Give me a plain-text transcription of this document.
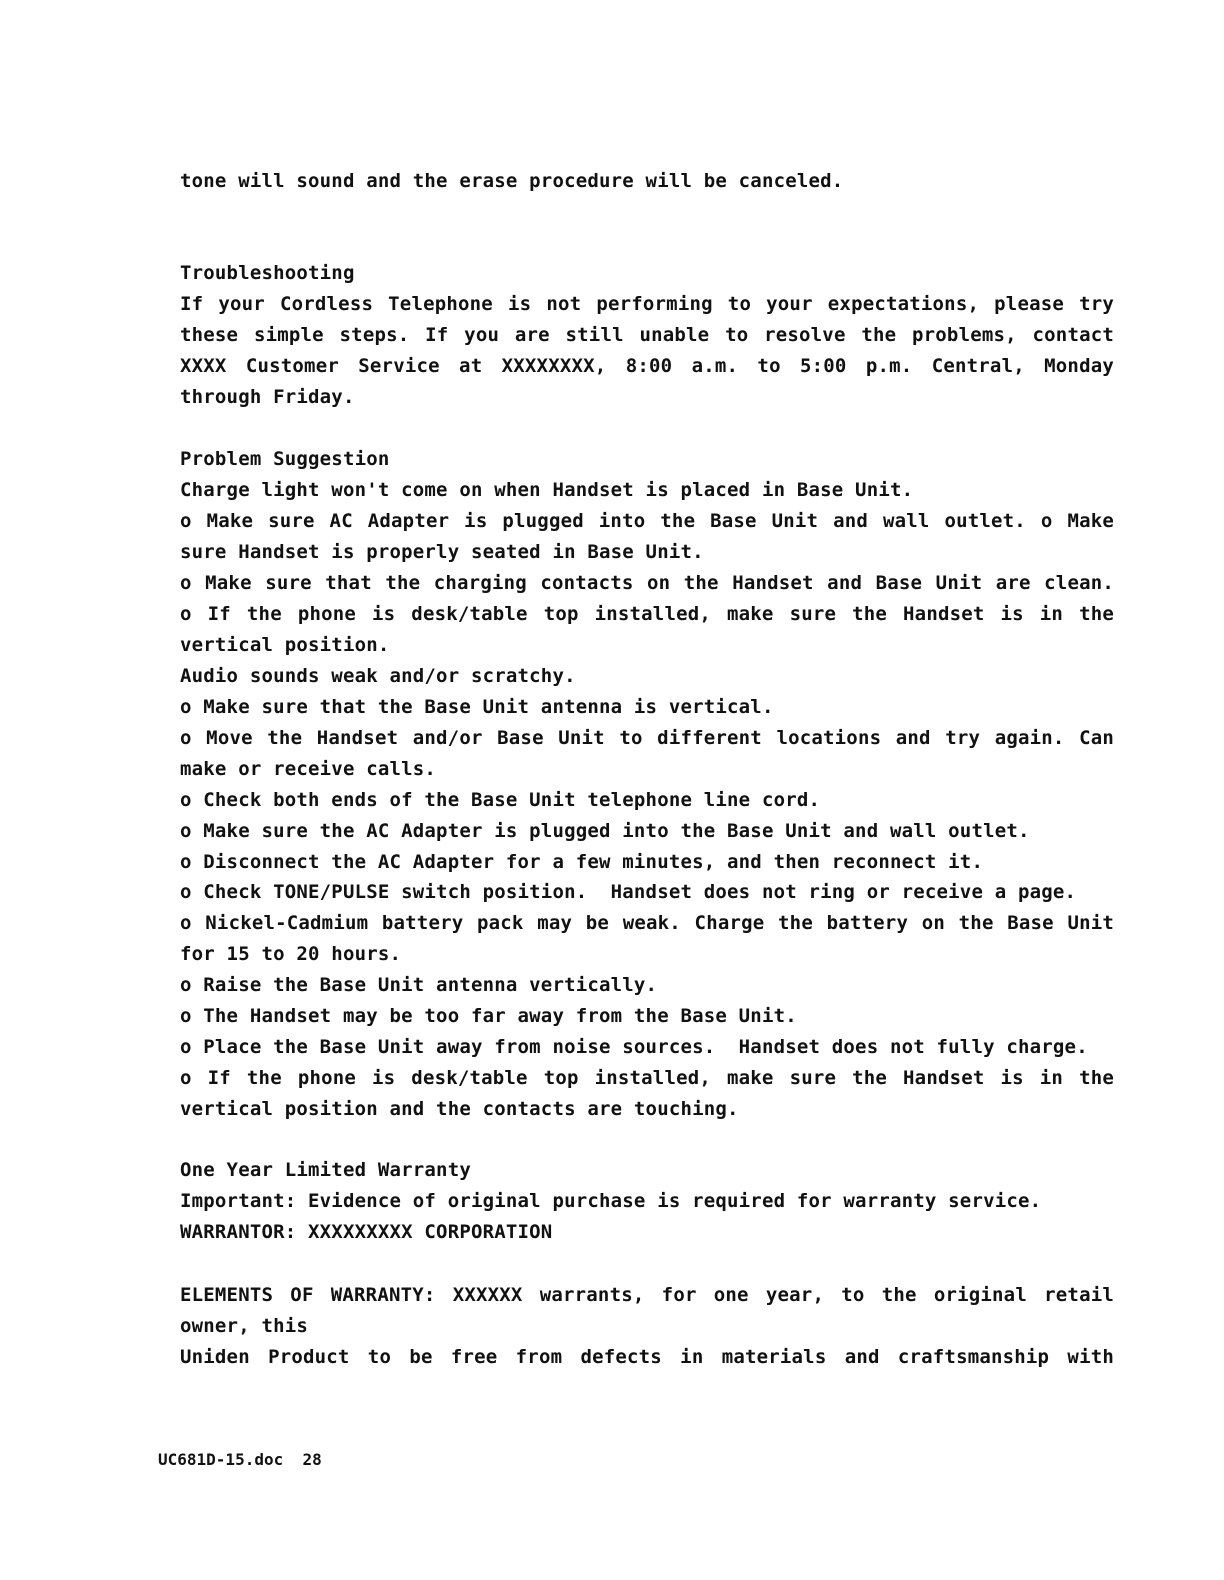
UC681D-15.doc  28
tone will sound and the erase procedure will be canceled.
Troubleshooting
If your Cordless Telephone is not performing to your expectations, please try
these simple steps. If you are still unable to resolve the problems, contact
XXXX Customer Service at XXXXXXXX, 8:00 a.m. to 5:00 p.m. Central, Monday
through Friday.
Problem Suggestion
Charge light won't come on when Handset is placed in Base Unit.
o Make sure AC Adapter is plugged into the Base Unit and wall outlet. o Make
sure Handset is properly seated in Base Unit.
o Make sure that the charging contacts on the Handset and Base Unit are clean.
o If the phone is desk/table top installed, make sure the Handset is in the
vertical position.
Audio sounds weak and/or scratchy.
o Make sure that the Base Unit antenna is vertical.
o Move the Handset and/or Base Unit to different locations and try again. Can
make or receive calls.
o Check both ends of the Base Unit telephone line cord.
o Make sure the AC Adapter is plugged into the Base Unit and wall outlet.
o Disconnect the AC Adapter for a few minutes, and then reconnect it.
o Check TONE/PULSE switch position.  Handset does not ring or receive a page.
o Nickel-Cadmium battery pack may be weak. Charge the battery on the Base Unit
for 15 to 20 hours.
o Raise the Base Unit antenna vertically.
o The Handset may be too far away from the Base Unit.
o Place the Base Unit away from noise sources.  Handset does not fully charge.
o If the phone is desk/table top installed, make sure the Handset is in the
vertical position and the contacts are touching.
One Year Limited Warranty
Important: Evidence of original purchase is required for warranty service.
WARRANTOR: XXXXXXXXX CORPORATION
ELEMENTS OF WARRANTY: XXXXXX warrants, for one year, to the original retail
owner, this
Uniden Product to be free from defects in materials and craftsmanship with
